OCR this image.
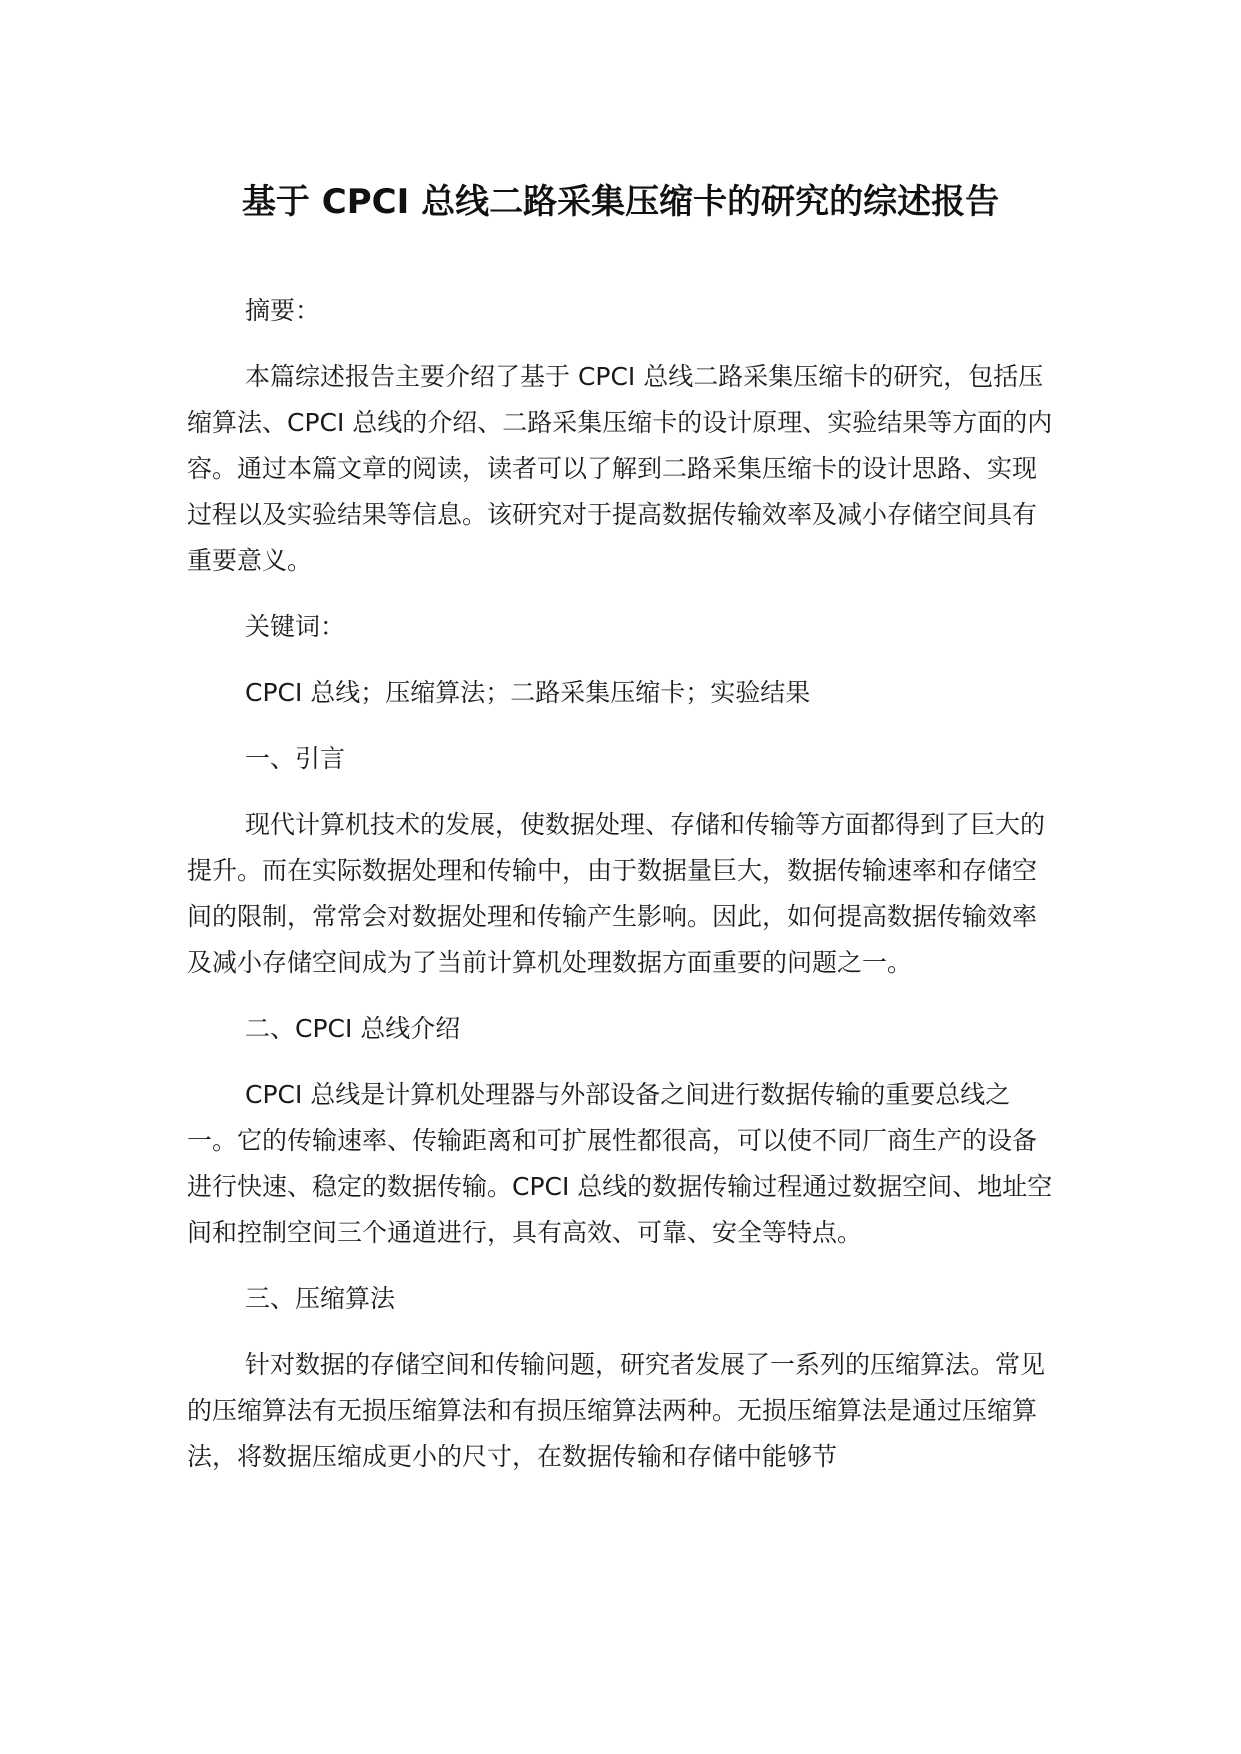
基于 CPCI 总线二路采集压缩卡的研究的综述报告

摘要：

本篇综述报告主要介绍了基于 CPCI 总线二路采集压缩卡的研究，包括压缩算法、CPCI 总线的介绍、二路采集压缩卡的设计原理、实验结果等方面的内容。通过本篇文章的阅读，读者可以了解到二路采集压缩卡的设计思路、实现过程以及实验结果等信息。该研究对于提高数据传输效率及减小存储空间具有重要意义。

关键词：

CPCI 总线；压缩算法；二路采集压缩卡；实验结果

一、引言

现代计算机技术的发展，使数据处理、存储和传输等方面都得到了巨大的提升。而在实际数据处理和传输中，由于数据量巨大，数据传输速率和存储空间的限制，常常会对数据处理和传输产生影响。因此，如何提高数据传输效率及减小存储空间成为了当前计算机处理数据方面重要的问题之一。

二、CPCI 总线介绍

CPCI 总线是计算机处理器与外部设备之间进行数据传输的重要总线之一。它的传输速率、传输距离和可扩展性都很高，可以使不同厂商生产的设备进行快速、稳定的数据传输。CPCI 总线的数据传输过程通过数据空间、地址空间和控制空间三个通道进行，具有高效、可靠、安全等特点。

三、压缩算法

针对数据的存储空间和传输问题，研究者发展了一系列的压缩算法。常见的压缩算法有无损压缩算法和有损压缩算法两种。无损压缩算法是通过压缩算法，将数据压缩成更小的尺寸，在数据传输和存储中能够节
